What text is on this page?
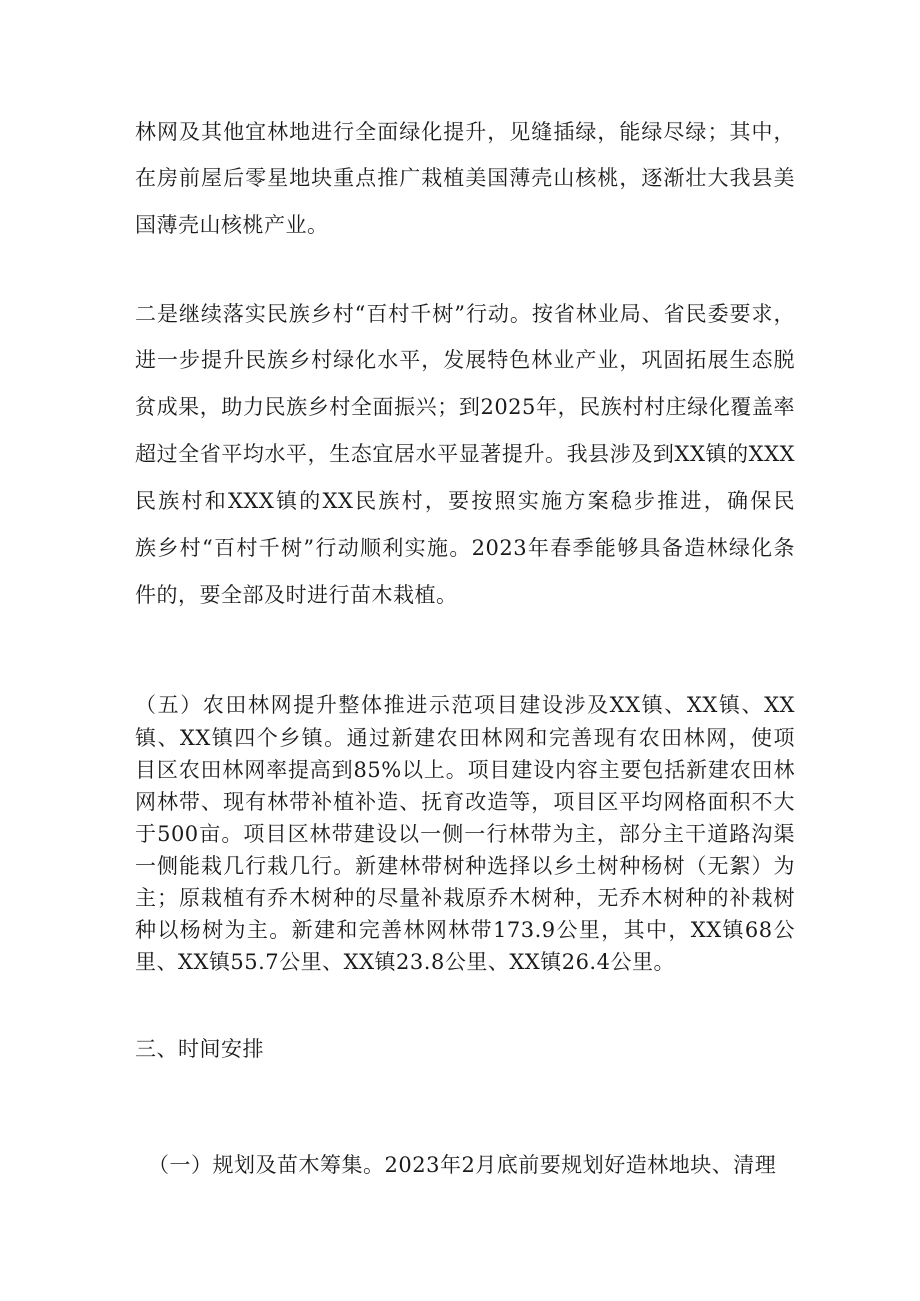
林网及其他宜林地进行全面绿化提升，见缝插绿，能绿尽绿；其中，
在房前屋后零星地块重点推广栽植美国薄壳山核桃，逐渐壮大我县美
国薄壳山核桃产业。
二是继续落实民族乡村“百村千树”行动。按省林业局、省民委要求，
进一步提升民族乡村绿化水平，发展特色林业产业，巩固拓展生态脱
贫成果，助力民族乡村全面振兴；到2025年，民族村村庄绿化覆盖率
超过全省平均水平，生态宜居水平显著提升。我县涉及到XX镇的XXX
民族村和XXX镇的XX民族村，要按照实施方案稳步推进，确保民
族乡村“百村千树”行动顺利实施。2023年春季能够具备造林绿化条
件的，要全部及时进行苗木栽植。
（五）农田林网提升整体推进示范项目建设涉及XX镇、XX镇、XX
镇、XX镇四个乡镇。通过新建农田林网和完善现有农田林网，使项
目区农田林网率提高到85%以上。项目建设内容主要包括新建农田林
网林带、现有林带补植补造、抚育改造等，项目区平均网格面积不大
于500亩。项目区林带建设以一侧一行林带为主，部分主干道路沟渠
一侧能栽几行栽几行。新建林带树种选择以乡土树种杨树（无絮）为
主；原栽植有乔木树种的尽量补栽原乔木树种，无乔木树种的补栽树
种以杨树为主。新建和完善林网林带173.9公里，其中，XX镇68公
里、XX镇55.7公里、XX镇23.8公里、XX镇26.4公里。
三、时间安排
（一）规划及苗木筹集。2023年2月底前要规划好造林地块、清理
